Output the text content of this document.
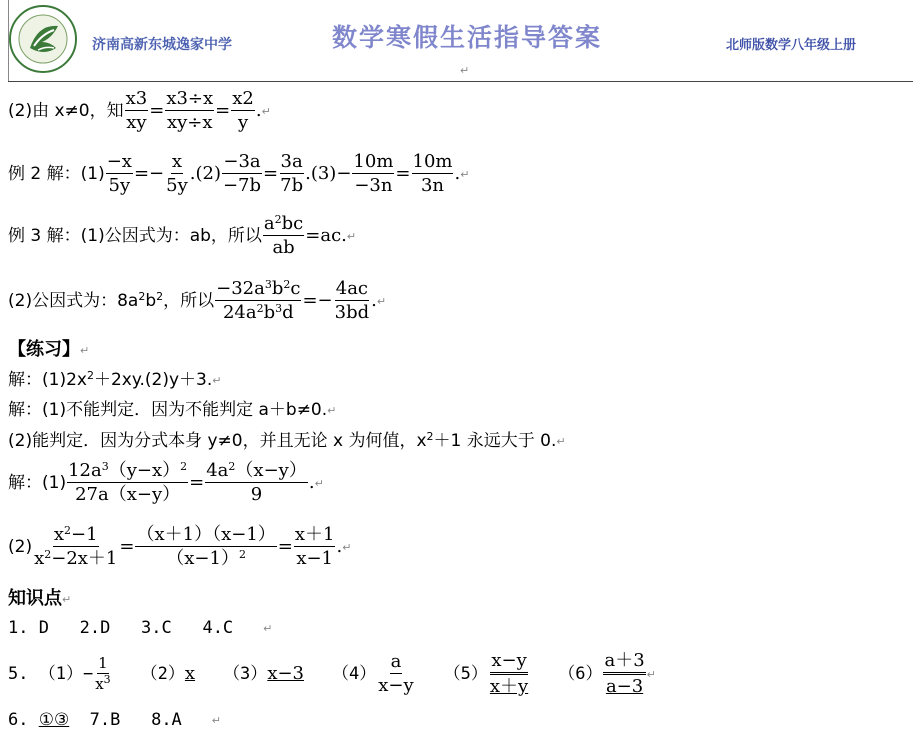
济南高新东城逸家中学	数学寒假生活指导答案	北师版数学八年级上册
↵
(2)由 x≠0，知 $\frac{x3}{xy} = \frac{x3\div x}{xy\div x} = \frac{x2}{y}$ . ↵
例 2 解：$(1) \frac{-x}{5y} =- \frac{x}{5y} .(2) \frac{-3a}{-7b} = \frac{3a}{7b} .(3)- \frac{10m}{-3n} = \frac{10m}{3n}$ . ↵
例 3 解：(1)公因式为：ab，所以 $\frac{a^2bc}{ab} =ac$. ↵
(2)公因式为：$8a^2b^2$，所以 $\frac{-32a^3b^2c}{24a^2b^3d} =- \frac{4ac}{3bd}$ . ↵
【练习】 ↵
解：$(1)2x^2+2xy.(2)y+3$. ↵
解：(1)不能判定．因为不能判定 a＋b≠0. ↵
(2)能判定．因为分式本身 y≠0，并且无论 x 为何值，$x^2+1$ 永远大于 0. ↵
解：$(1) \frac{12a^3(y-x)^2}{27a(x-y)} = \frac{4a^2(x-y)}{9}$ . ↵
$(2) \frac{x^2-1}{x^2-2x+1} = \frac{(x+1)(x-1)}{(x-1)^2} = \frac{x+1}{x-1}$ . ↵
知识点 ↵
1. D   2.D   3.C   4.C	↵
5. $(1)- \frac{1}{x^3} (2)$ x （3） x−3 $(4) \frac{a}{x-y} (5) \frac{x-y}{x+y} (6) \frac{a+3}{a-3}$ ↵
6. ①③ 7.B   8.A	↵
